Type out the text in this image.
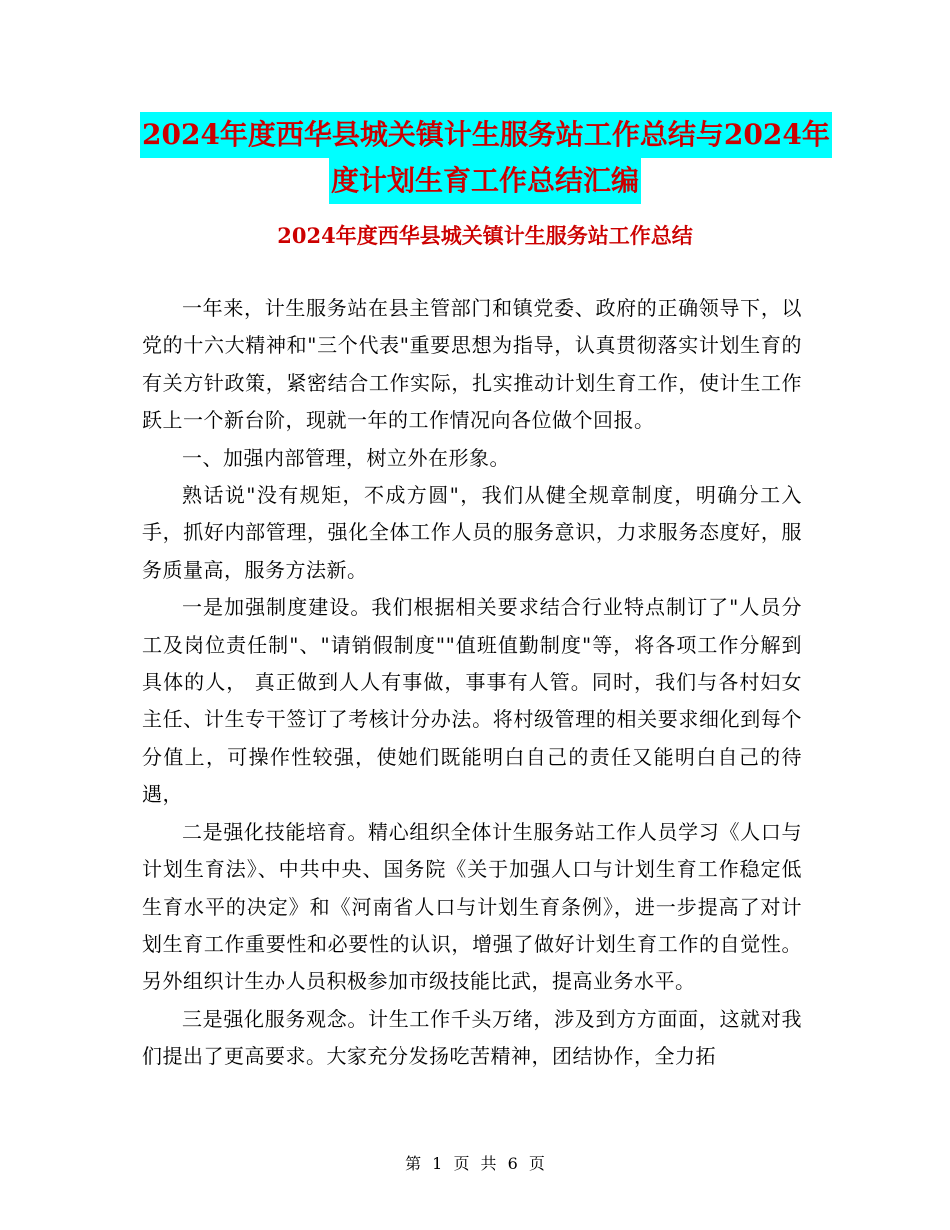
2024年度西华县城关镇计生服务站工作总结与2024年
度计划生育工作总结汇编
2024年度西华县城关镇计生服务站工作总结

一年来，计生服务站在县主管部门和镇党委、政府的正确领导下，以党的十六大精神和"三个代表"重要思想为指导，认真贯彻落实计划生育的有关方针政策，紧密结合工作实际，扎实推动计划生育工作，使计生工作跃上一个新台阶，现就一年的工作情况向各位做个回报。

一、加强内部管理，树立外在形象。

熟话说"没有规矩，不成方圆"，我们从健全规章制度，明确分工入手，抓好内部管理，强化全体工作人员的服务意识，力求服务态度好，服务质量高，服务方法新。

一是加强制度建设。我们根据相关要求结合行业特点制订了"人员分工及岗位责任制"、"请销假制度""值班值勤制度"等，将各项工作分解到具体的人， 真正做到人人有事做，事事有人管。同时，我们与各村妇女主任、计生专干签订了考核计分办法。将村级管理的相关要求细化到每个分值上，可操作性较强，使她们既能明白自己的责任又能明白自己的待遇，

二是强化技能培育。精心组织全体计生服务站工作人员学习《人口与计划生育法》、中共中央、国务院《关于加强人口与计划生育工作稳定低生育水平的决定》和《河南省人口与计划生育条例》，进一步提高了对计划生育工作重要性和必要性的认识，增强了做好计划生育工作的自觉性。另外组织计生办人员积极参加市级技能比武，提高业务水平。

三是强化服务观念。计生工作千头万绪，涉及到方方面面，这就对我们提出了更高要求。大家充分发扬吃苦精神，团结协作，全力拓

第 1 页 共 6 页
